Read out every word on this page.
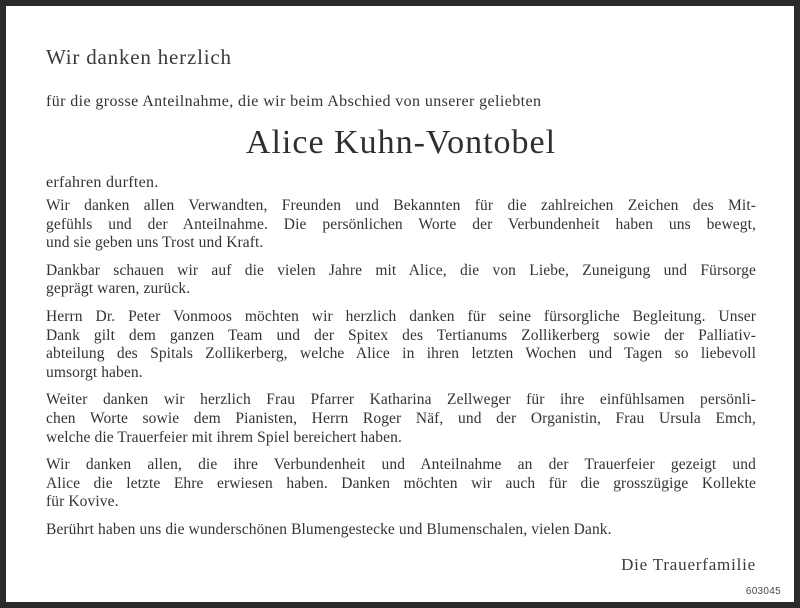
Wir danken herzlich

für die grosse Anteilnahme, die wir beim Abschied von unserer geliebten

Alice Kuhn-Vontobel

erfahren durften.

Wir danken allen Verwandten, Freunden und Bekannten für die zahlreichen Zeichen des Mit-
gefühls und der Anteilnahme. Die persönlichen Worte der Verbundenheit haben uns bewegt,
und sie geben uns Trost und Kraft.
Dankbar schauen wir auf die vielen Jahre mit Alice, die von Liebe, Zuneigung und Fürsorge
geprägt waren, zurück.
Herrn Dr. Peter Vonmoos möchten wir herzlich danken für seine fürsorgliche Begleitung. Unser
Dank gilt dem ganzen Team und der Spitex des Tertianums Zollikerberg sowie der Palliativ-
abteilung des Spitals Zollikerberg, welche Alice in ihren letzten Wochen und Tagen so liebevoll
umsorgt haben.
Weiter danken wir herzlich Frau Pfarrer Katharina Zellweger für ihre einfühlsamen persönli-
chen Worte sowie dem Pianisten, Herrn Roger Näf, und der Organistin, Frau Ursula Emch,
welche die Trauerfeier mit ihrem Spiel bereichert haben.
Wir danken allen, die ihre Verbundenheit und Anteilnahme an der Trauerfeier gezeigt und
Alice die letzte Ehre erwiesen haben. Danken möchten wir auch für die grosszügige Kollekte
für Kovive.
Berührt haben uns die wunderschönen Blumengestecke und Blumenschalen, vielen Dank.
Die Trauerfamilie
603045
